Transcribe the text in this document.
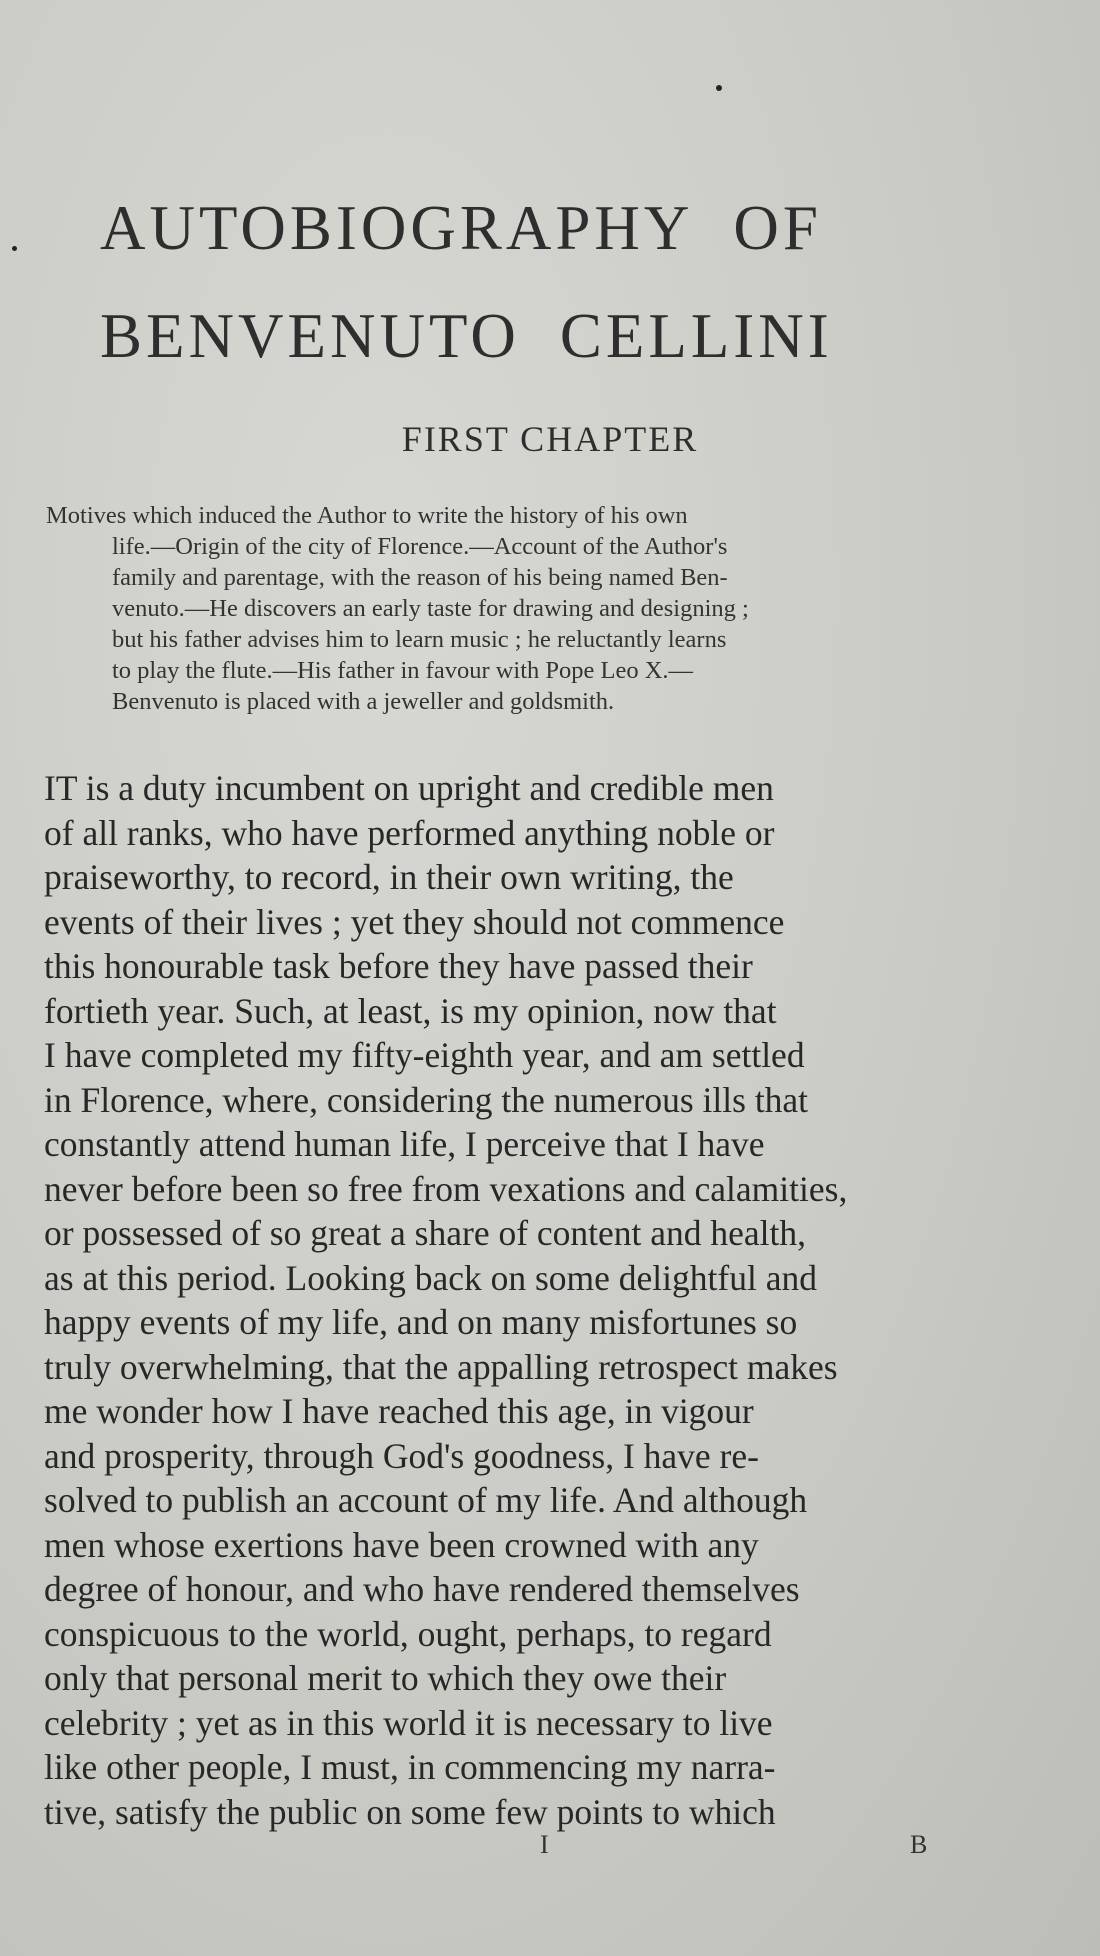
AUTOBIOGRAPHY OF
BENVENUTO CELLINI
FIRST CHAPTER
Motives which induced the Author to write the history of his own
life.—Origin of the city of Florence.—Account of the Author's
family and parentage, with the reason of his being named Ben-
venuto.—He discovers an early taste for drawing and designing ;
but his father advises him to learn music ; he reluctantly learns
to play the flute.—His father in favour with Pope Leo X.—
Benvenuto is placed with a jeweller and goldsmith.
IT is a duty incumbent on upright and credible men
of all ranks, who have performed anything noble or
praiseworthy, to record, in their own writing, the
events of their lives ; yet they should not commence
this honourable task before they have passed their
fortieth year. Such, at least, is my opinion, now that
I have completed my fifty-eighth year, and am settled
in Florence, where, considering the numerous ills that
constantly attend human life, I perceive that I have
never before been so free from vexations and calamities,
or possessed of so great a share of content and health,
as at this period. Looking back on some delightful and
happy events of my life, and on many misfortunes so
truly overwhelming, that the appalling retrospect makes
me wonder how I have reached this age, in vigour
and prosperity, through God's goodness, I have re-
solved to publish an account of my life. And although
men whose exertions have been crowned with any
degree of honour, and who have rendered themselves
conspicuous to the world, ought, perhaps, to regard
only that personal merit to which they owe their
celebrity ; yet as in this world it is necessary to live
like other people, I must, in commencing my narra-
tive, satisfy the public on some few points to which
I	B
